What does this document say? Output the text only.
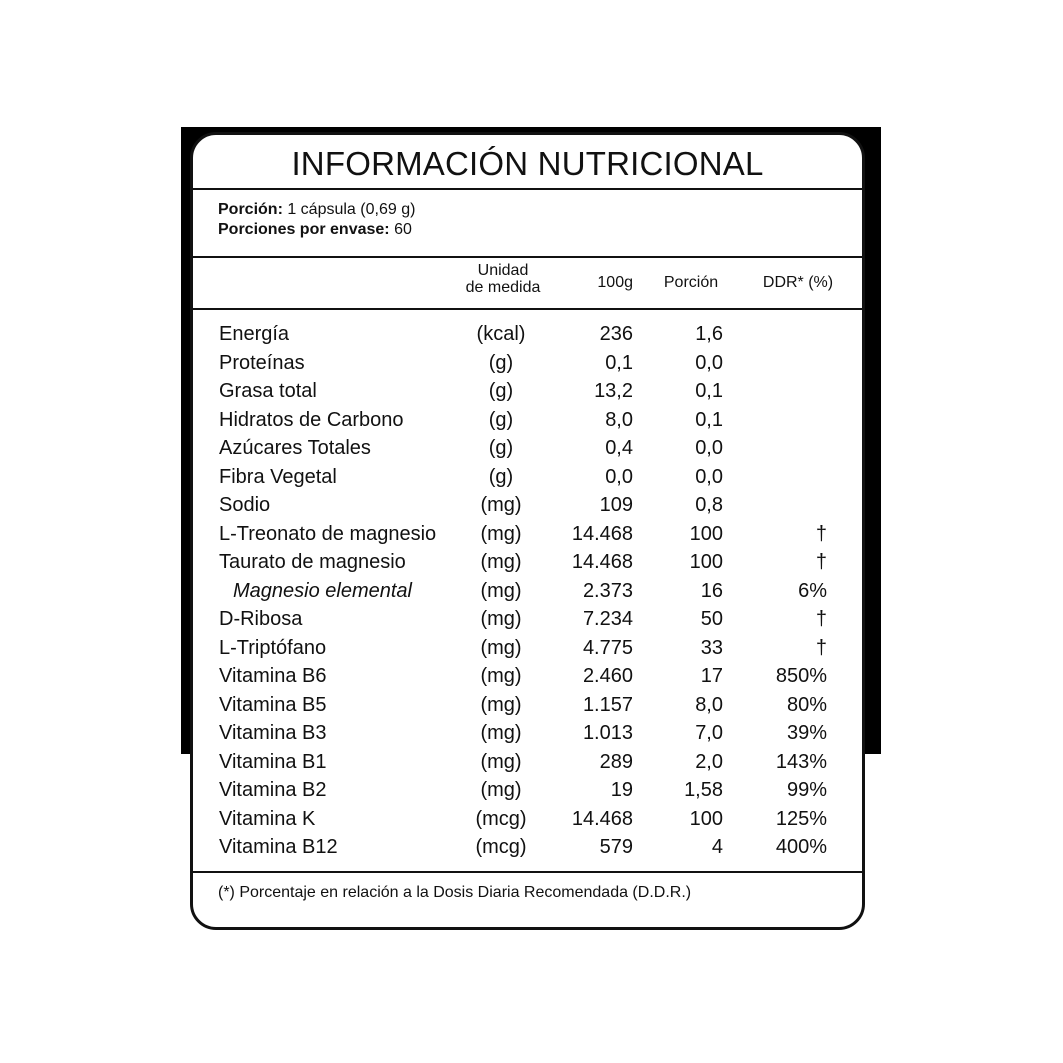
INFORMACIÓN NUTRICIONAL
Porción: 1 cápsula (0,69 g)
Porciones por envase: 60
Unidad
de medida	100g	Porción	DDR* (%)
Energía	(kcal)	236	1,6
Proteínas	(g)	0,1	0,0
Grasa total	(g)	13,2	0,1
Hidratos de Carbono	(g)	8,0	0,1
Azúcares Totales	(g)	0,4	0,0
Fibra Vegetal	(g)	0,0	0,0
Sodio	(mg)	109	0,8
L-Treonato de magnesio	(mg)	14.468	100	†
Taurato de magnesio	(mg)	14.468	100	†
Magnesio elemental	(mg)	2.373	16	6%
D-Ribosa	(mg)	7.234	50	†
L-Triptófano	(mg)	4.775	33	†
Vitamina B6	(mg)	2.460	17	850%
Vitamina B5	(mg)	1.157	8,0	80%
Vitamina B3	(mg)	1.013	7,0	39%
Vitamina B1	(mg)	289	2,0	143%
Vitamina B2	(mg)	19	1,58	99%
Vitamina K	(mcg)	14.468	100	125%
Vitamina B12	(mcg)	579	4	400%
(*) Porcentaje en relación a la Dosis Diaria Recomendada (D.D.R.)
